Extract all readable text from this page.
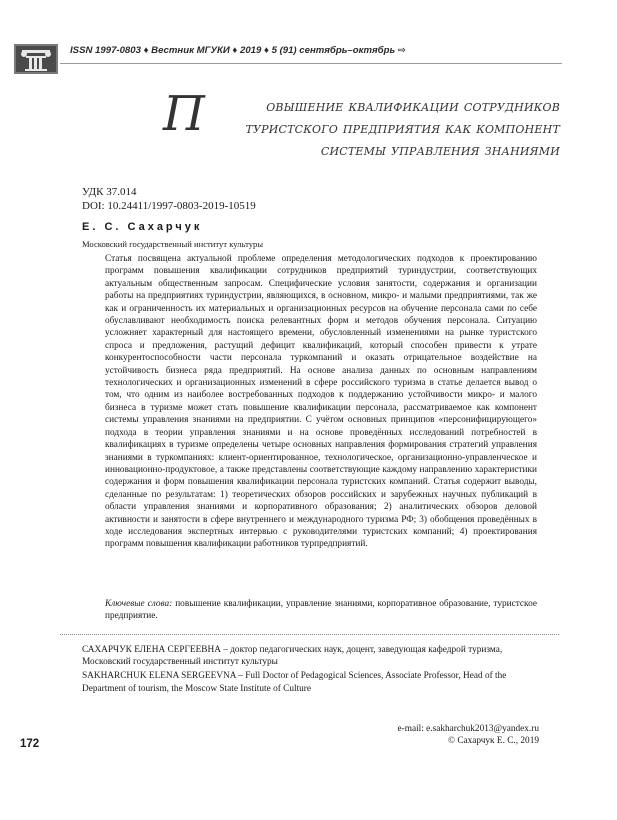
ISSN 1997-0803 ♦ Вестник МГУКИ ♦ 2019 ♦ 5 (91) сентябрь–октябрь ⇨
П	овышение квалификации сотрудников
туристского предприятия как компонент
системы управления знаниями
УДК 37.014
DOI: 10.24411/1997-0803-2019-10519
Е. С. Сахарчук
Московский государственный институт культуры
Статья посвящена актуальной проблеме определения методологических подходов к проектированию программ повышения квалификации сотрудников предприятий туриндустрии, соответствующих актуальным общественным запросам. Специфические условия занятости, содержания и организации работы на предприятиях туриндустрии, являющихся, в основном, микро- и малыми предприятиями, так же как и ограниченность их материальных и организационных ресурсов на обучение персонала сами по себе обуславливают необходимость поиска релевантных форм и методов обучения персонала. Ситуацию усложняет характерный для настоящего времени, обусловленный изменениями на рынке туристского спроса и предложения, растущий дефицит квалификаций, который способен привести к утрате конкурентоспособности части персонала туркомпаний и оказать отрицательное воздействие на устойчивость бизнеса ряда предприятий. На основе анализа данных по основным направлениям технологических и организационных изменений в сфере российского туризма в статье делается вывод о том, что одним из наиболее востребованных подходов к поддержанию устойчивости микро- и малого бизнеса в туризме может стать повышение квалификации персонала, рассматриваемое как компонент системы управления знаниями на предприятии. С учётом основных принципов «персонифицирующего» подхода в теории управления знаниями и на основе проведённых исследований потребностей в квалификациях в туризме определены четыре основных направления формирования стратегий управления знаниями в туркомпаниях: клиент-ориентированное, технологическое, организационно-управленческое и инновационно-продуктовое, а также представлены соответствующие каждому направлению характеристики содержания и форм повышения квалификации персонала туристских компаний. Статья содержит выводы, сделанные по результатам: 1) теоретических обзоров российских и зарубежных научных публикаций в области управления знаниями и корпоративного образования; 2) аналитических обзоров деловой активности и занятости в сфере внутреннего и международного туризма РФ; 3) обобщения проведённых в ходе исследования экспертных интервью с руководителями туристских компаний; 4) проектирования программ повышения квалификации работников турпредприятий.
Ключевые слова: повышение квалификации, управление знаниями, корпоративное образование, туристское предприятие.

САХАРЧУК ЕЛЕНА СЕРГЕЕВНА – доктор педагогических наук, доцент, заведующая кафедрой туризма, Московский государственный институт культуры

SAKHARCHUK ELENA SERGEEVNA – Full Doctor of Pedagogical Sciences, Associate Professor, Head of the Department of tourism, the Moscow State Institute of Culture

e-mail: e.sakharchuk2013@yandex.ru
© Сахарчук Е. С., 2019
172
